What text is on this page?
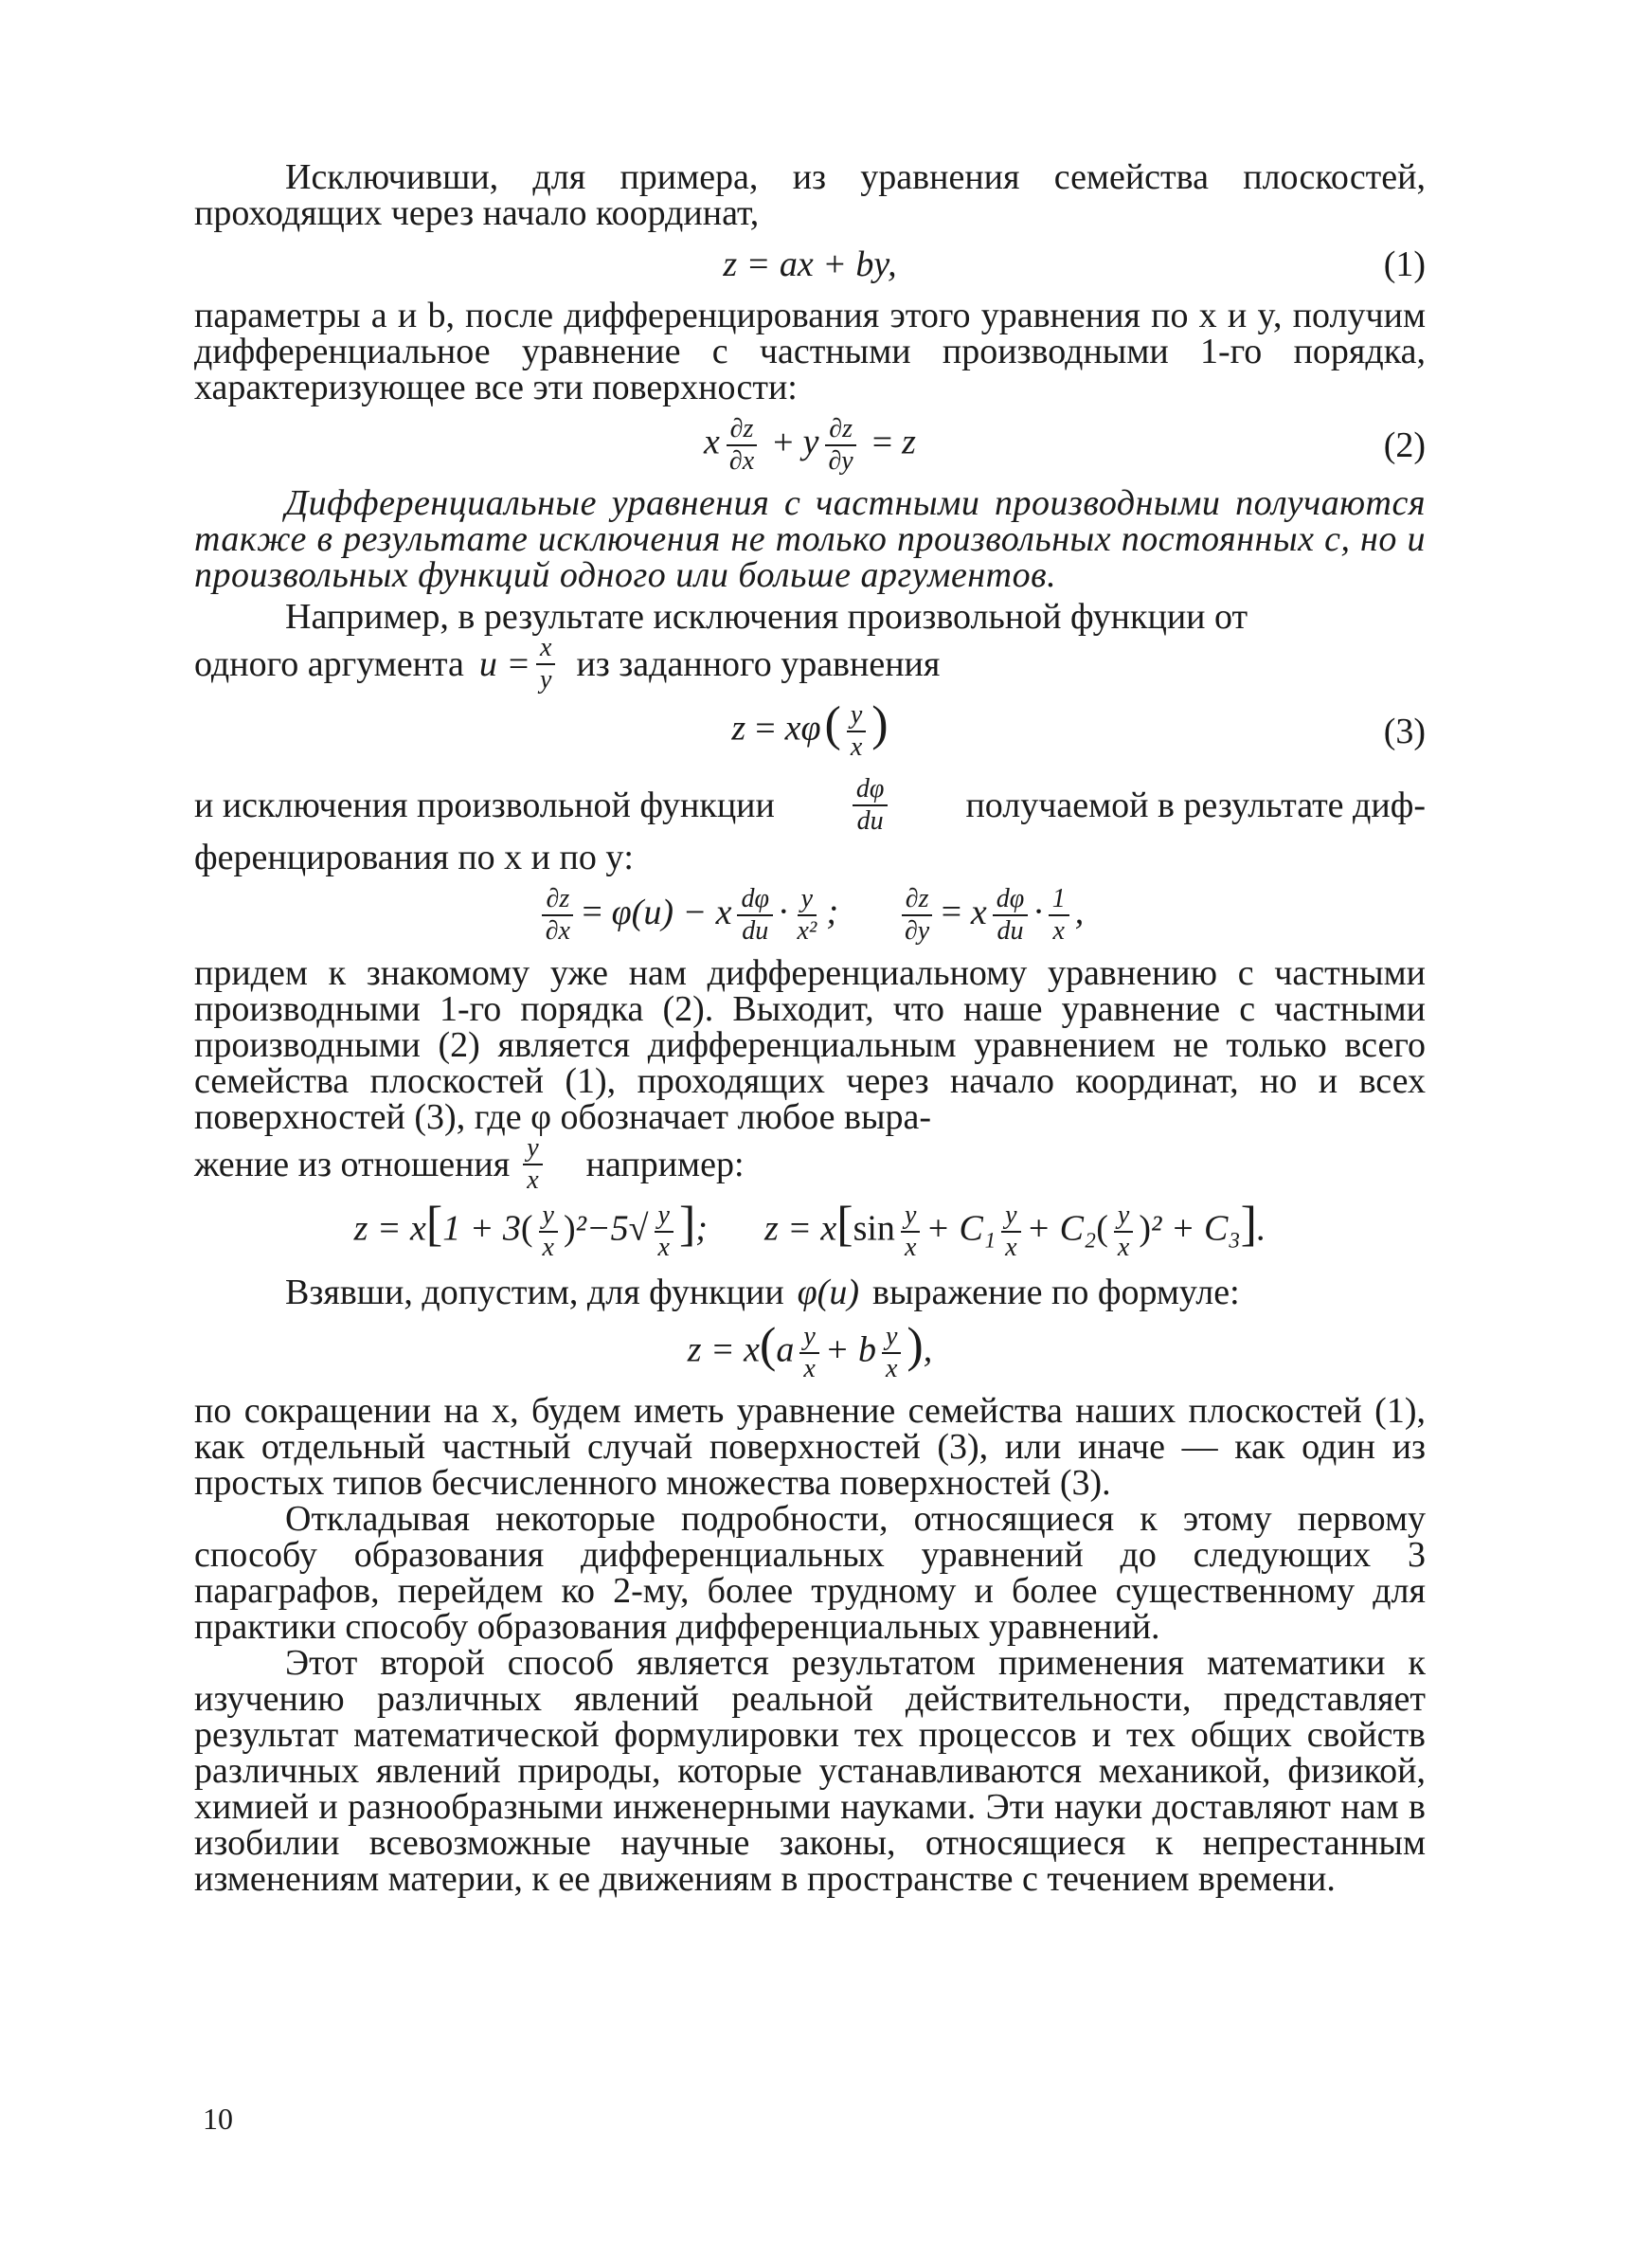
Исключивши, для примера, из уравнения семейства плоскостей, проходящих через начало координат,

z = ax + by,	(1)

параметры a и b, после дифференцирования этого уравнения по x и y, получим дифференциальное уравнение с частными производными 1-го порядка, характеризующее все эти поверхности:

x $\frac{\partial z}{\partial x} + y \frac{\partial z}{\partial y} = z$	(2)

Дифференциальные уравнения с частными производными получаются также в результате исключения не только произвольных постоянных c, но и произвольных функций одного или больше аргументов.

Например, в результате исключения произвольной функции от

одного аргумента $u = \frac{x}{y}$ из заданного уравнения
$z = x\varphi( \frac{y}{x}$ )	(3)
и исключения произвольной функции	$\frac{d\varphi}{du}$ получаемой в результате диф-

ференцирования по x и по y:

$\frac{\partial z}{\partial x} = \varphi(u) - x \frac{d\varphi}{du} \cdot \frac{y}{\text{x²}}$ ; $\frac{\partial z}{\partial y} = x \frac{d\varphi}{du} \cdot \frac{1}{x}$ ,

придем к знакомому уже нам дифференциальному уравнению с частными производными 1-го порядка (2). Выходит, что наше уравнение с частными производными (2) является дифференциальным уравнением не только всего семейства плоскостей (1), проходящих через начало координат, но и всех поверхностей (3), где φ обозначает любое выра-

жение из отношения $\frac{y}{x}$ например:
$z = x[1 + 3( \frac{y}{x} )^2-5√ \frac{y}{x}$ ]; $z = x[\sin \frac{y}{x} + C_1 \frac{y}{x} + C_2( \frac{y}{x} )^2 + C_3]$.
Взявши, допустим, для функции φ(u) выражение по формуле:
$z = x(a \frac{y}{x} + b \frac{y}{x}$ ),

по сокращении на x, будем иметь уравнение семейства наших плоскостей (1), как отдельный частный случай поверхностей (3), или иначе — как один из простых типов бесчисленного множества поверхностей (3).

Откладывая некоторые подробности, относящиеся к этому первому способу образования дифференциальных уравнений до следующих 3 параграфов, перейдем ко 2-му, более трудному и более существенному для практики способу образования дифференциальных уравнений.

Этот второй способ является результатом применения математики к изучению различных явлений реальной действительности, представляет результат математической формулировки тех процессов и тех общих свойств различных явлений природы, которые устанавливаются механикой, физикой, химией и разнообразными инженерными науками. Эти науки доставляют нам в изобилии всевозможные научные законы, относящиеся к непрестанным изменениям материи, к ее движениям в пространстве с течением времени.

10
